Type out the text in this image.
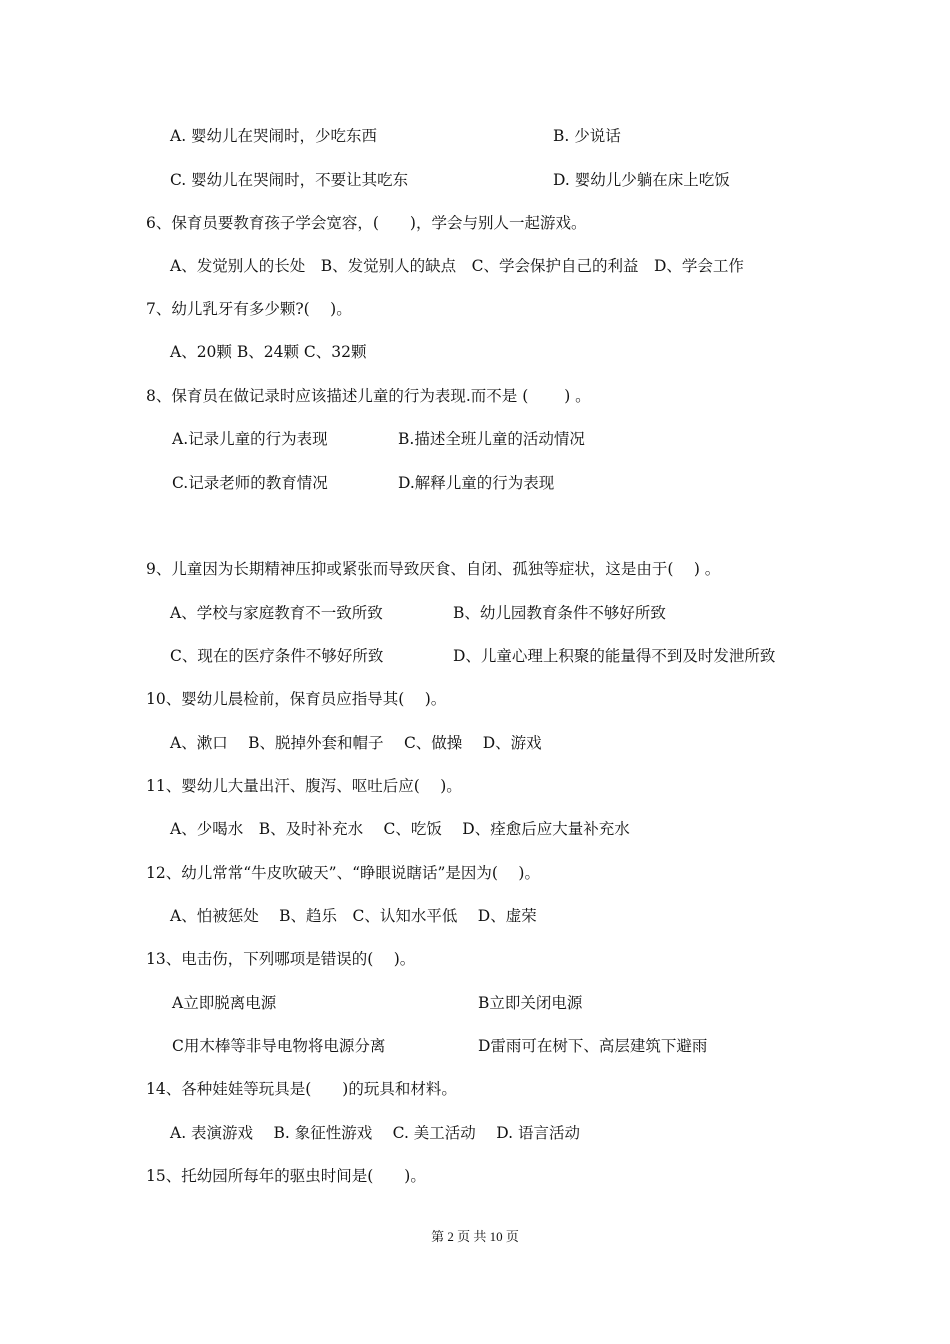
A. 婴幼儿在哭闹时，少吃东西	B. 少说话
C. 婴幼儿在哭闹时，不要让其吃东	D. 婴幼儿少躺在床上吃饭
6、保育员要教育孩子学会宽容，(　　)，学会与别人一起游戏。
A、发觉别人的长处　B、发觉别人的缺点　C、学会保护自己的利益　D、学会工作
7、幼儿乳牙有多少颗?(　 )。
A、20颗 B、24颗 C、32颗
8、保育员在做记录时应该描述儿童的行为表现.而不是 (　　 ) 。
A.记录儿童的行为表现	B.描述全班儿童的活动情况
C.记录老师的教育情况	D.解释儿童的行为表现
9、儿童因为长期精神压抑或紧张而导致厌食、自闭、孤独等症状，这是由于(　 ) 。
A、学校与家庭教育不一致所致	B、幼儿园教育条件不够好所致
C、现在的医疗条件不够好所致	D、儿童心理上积聚的能量得不到及时发泄所致
10、婴幼儿晨检前，保育员应指导其(　 )。
A、漱口　 B、脱掉外套和帽子　 C、做操　 D、游戏
11、婴幼儿大量出汗、腹泻、呕吐后应(　 )。
A、少喝水　B、及时补充水　 C、吃饭　 D、痊愈后应大量补充水
12、幼儿常常“牛皮吹破天”、“睁眼说瞎话”是因为(　 )。
A、怕被惩处　 B、趋乐　C、认知水平低　 D、虚荣
13、电击伤，下列哪项是错误的(　 )。
A立即脱离电源	B立即关闭电源
C用木棒等非导电物将电源分离	D雷雨可在树下、高层建筑下避雨
14、各种娃娃等玩具是(　　)的玩具和材料。
A. 表演游戏　 B. 象征性游戏　 C. 美工活动　 D. 语言活动
15、托幼园所每年的驱虫时间是(　　)。
第 2 页 共 10 页
